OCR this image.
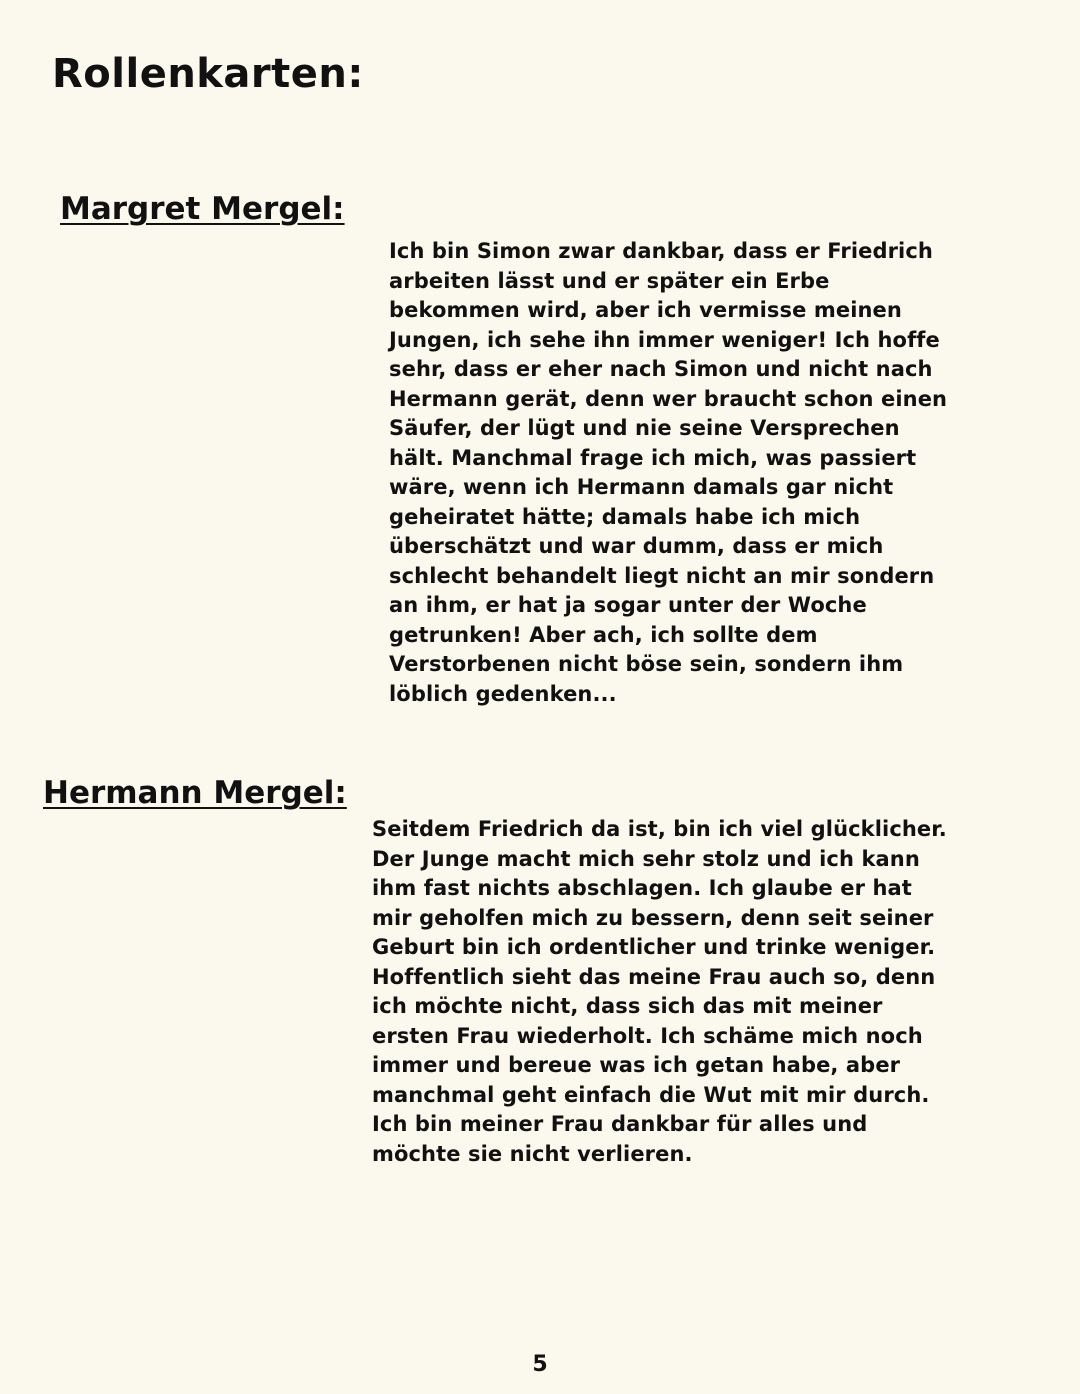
Rollenkarten:
Margret Mergel:

Ich bin Simon zwar dankbar, dass er Friedrich arbeiten lässt und er später ein Erbe bekommen wird, aber ich vermisse meinen Jungen, ich sehe ihn immer weniger! Ich hoffe sehr, dass er eher nach Simon und nicht nach Hermann gerät, denn wer braucht schon einen Säufer, der lügt und nie seine Versprechen hält. Manchmal frage ich mich, was passiert wäre, wenn ich Hermann damals gar nicht geheiratet hätte; damals habe ich mich überschätzt und war dumm, dass er mich schlecht behandelt liegt nicht an mir sondern an ihm, er hat ja sogar unter der Woche getrunken! Aber ach, ich sollte dem Verstorbenen nicht böse sein, sondern ihm löblich gedenken...

Hermann Mergel:

Seitdem Friedrich da ist, bin ich viel glücklicher. Der Junge macht mich sehr stolz und ich kann ihm fast nichts abschlagen. Ich glaube er hat mir geholfen mich zu bessern, denn seit seiner Geburt bin ich ordentlicher und trinke weniger. Hoffentlich sieht das meine Frau auch so, denn ich möchte nicht, dass sich das mit meiner ersten Frau wiederholt. Ich schäme mich noch immer und bereue was ich getan habe, aber manchmal geht einfach die Wut mit mir durch. Ich bin meiner Frau dankbar für alles und möchte sie nicht verlieren.

5
